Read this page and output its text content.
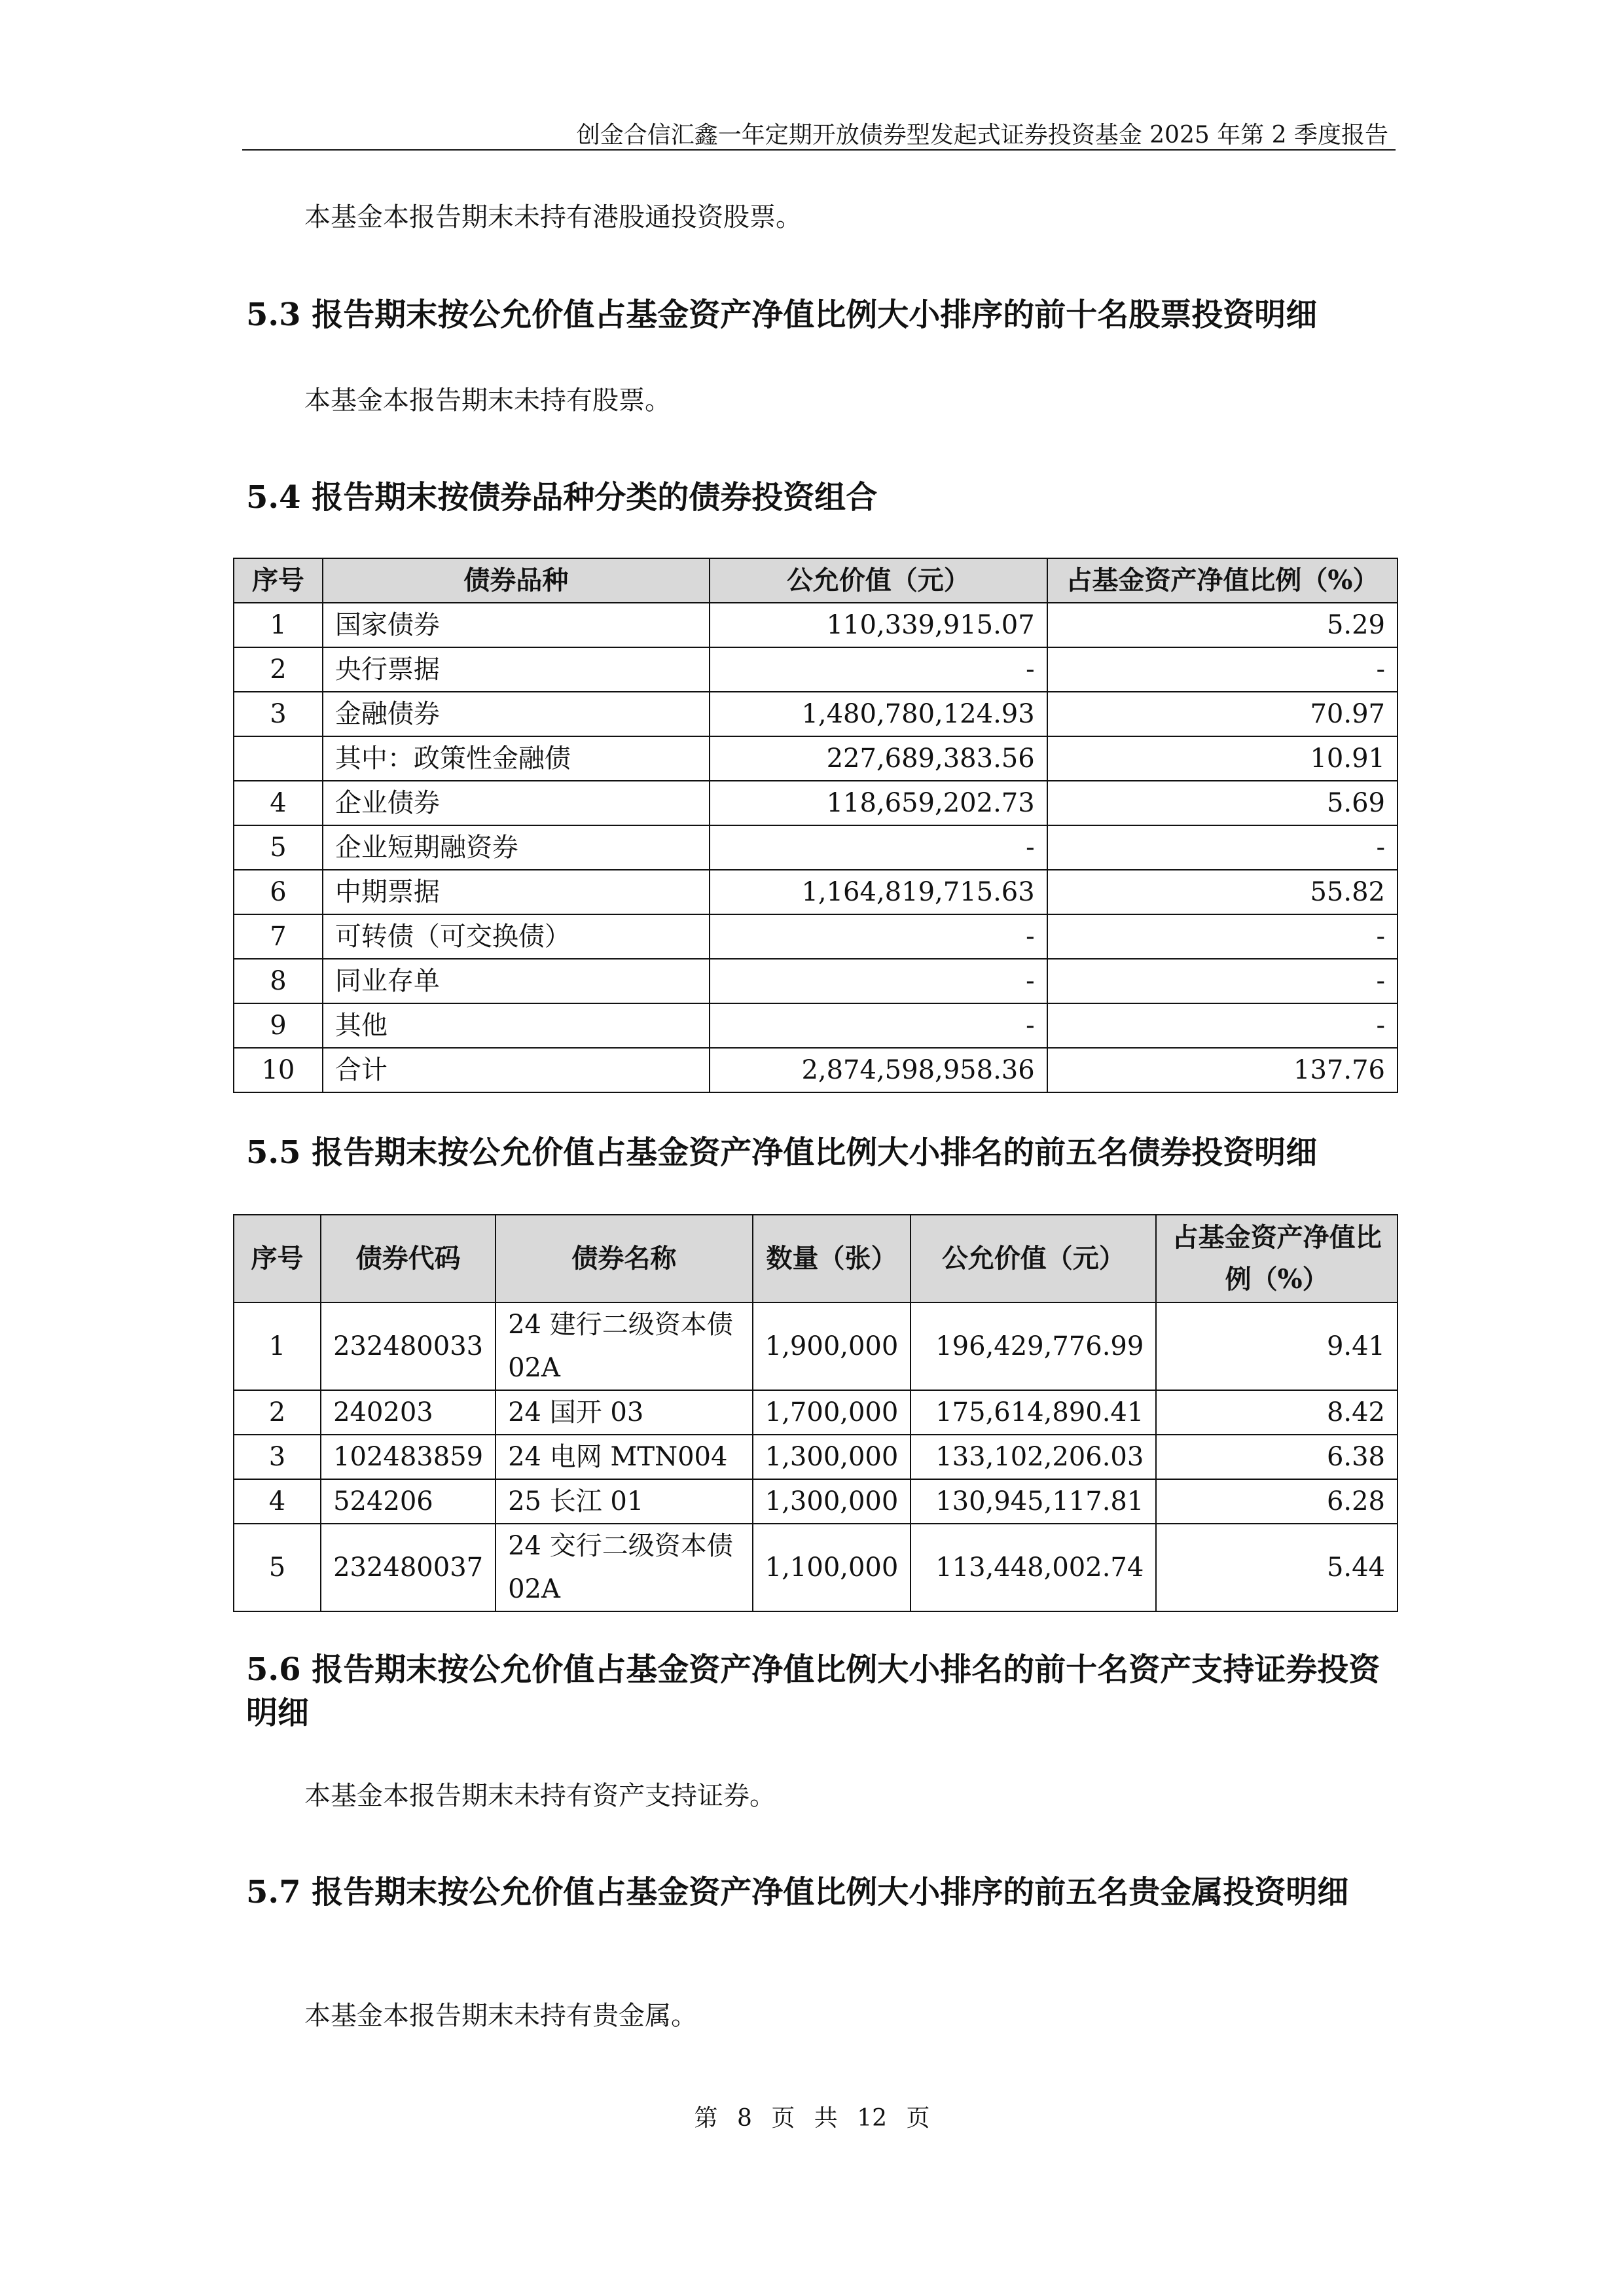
创金合信汇鑫一年定期开放债券型发起式证券投资基金 2025 年第 2 季度报告
本基金本报告期末未持有港股通投资股票。
5.3 报告期末按公允价值占基金资产净值比例大小排序的前十名股票投资明细
本基金本报告期末未持有股票。
5.4 报告期末按债券品种分类的债券投资组合
序号	债券品种	公允价值（元）	占基金资产净值比例（%）
1	国家债券	110,339,915.07	5.29
2	央行票据	-	-
3	金融债券	1,480,780,124.93	70.97
	其中：政策性金融债	227,689,383.56	10.91
4	企业债券	118,659,202.73	5.69
5	企业短期融资券	-	-
6	中期票据	1,164,819,715.63	55.82
7	可转债（可交换债）	-	-
8	同业存单	-	-
9	其他	-	-
10	合计	2,874,598,958.36	137.76
5.5 报告期末按公允价值占基金资产净值比例大小排名的前五名债券投资明细
序号	债券代码	债券名称	数量（张）	公允价值（元）	占基金资产净值比例（%）
1	232480033	24 建行二级资本债 02A	1,900,000	196,429,776.99	9.41
2	240203	24 国开 03	1,700,000	175,614,890.41	8.42
3	102483859	24 电网 MTN004	1,300,000	133,102,206.03	6.38
4	524206	25 长江 01	1,300,000	130,945,117.81	6.28
5	232480037	24 交行二级资本债 02A	1,100,000	113,448,002.74	5.44
5.6 报告期末按公允价值占基金资产净值比例大小排名的前十名资产支持证券投资明细
本基金本报告期末未持有资产支持证券。
5.7 报告期末按公允价值占基金资产净值比例大小排序的前五名贵金属投资明细
本基金本报告期末未持有贵金属。
第 8 页 共 12 页
